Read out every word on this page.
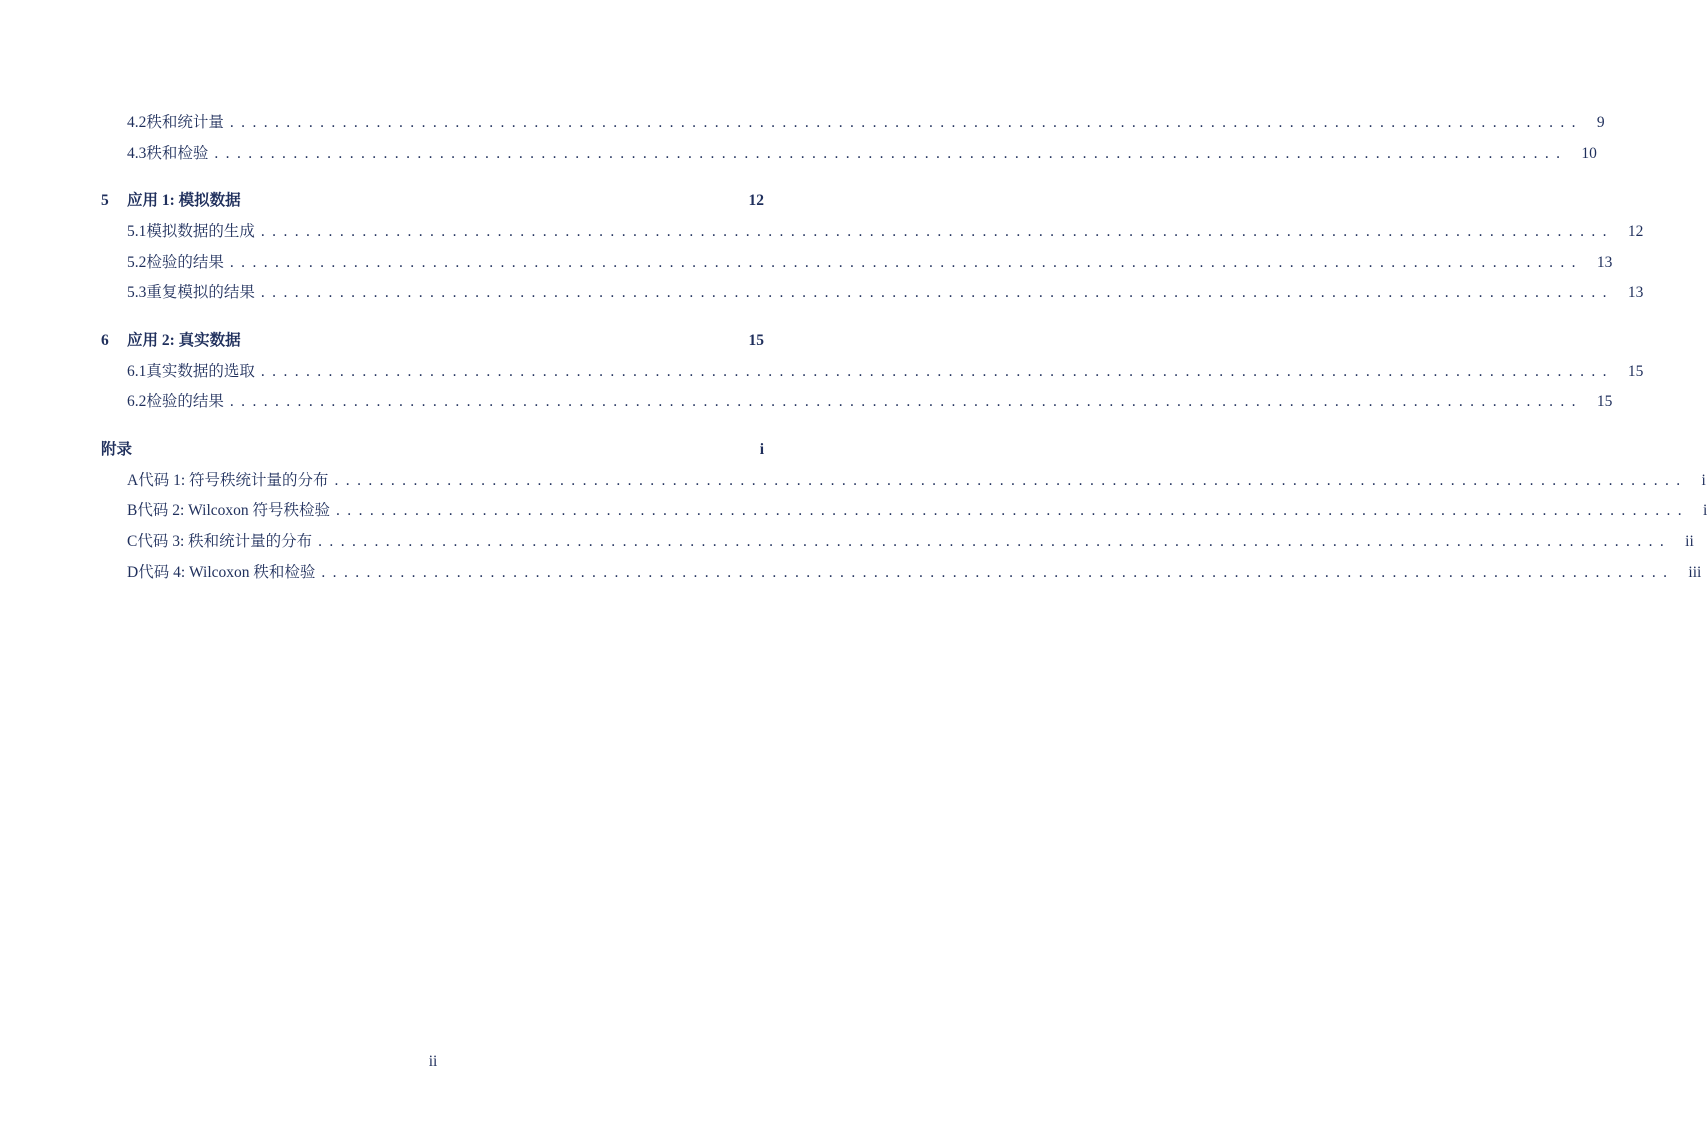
4.2 秩和统计量 ........................................................................................................................ 9
4.3 秩和检验 ........................................................................................................................ 10
5	应用 1: 模拟数据	12
5.1 模拟数据的生成 ........................................................................................................................ 12
5.2 检验的结果 ........................................................................................................................ 13
5.3 重复模拟的结果 ........................................................................................................................ 13
6	应用 2: 真实数据	15
6.1 真实数据的选取 ........................................................................................................................ 15
6.2 检验的结果 ........................................................................................................................ 15
附录	i
A 代码 1: 符号秩统计量的分布 ........................................................................................................................ i
B 代码 2: Wilcoxon 符号秩检验 ........................................................................................................................ i
C 代码 3: 秩和统计量的分布 ........................................................................................................................ ii
D 代码 4: Wilcoxon 秩和检验 ........................................................................................................................ iii
ii
